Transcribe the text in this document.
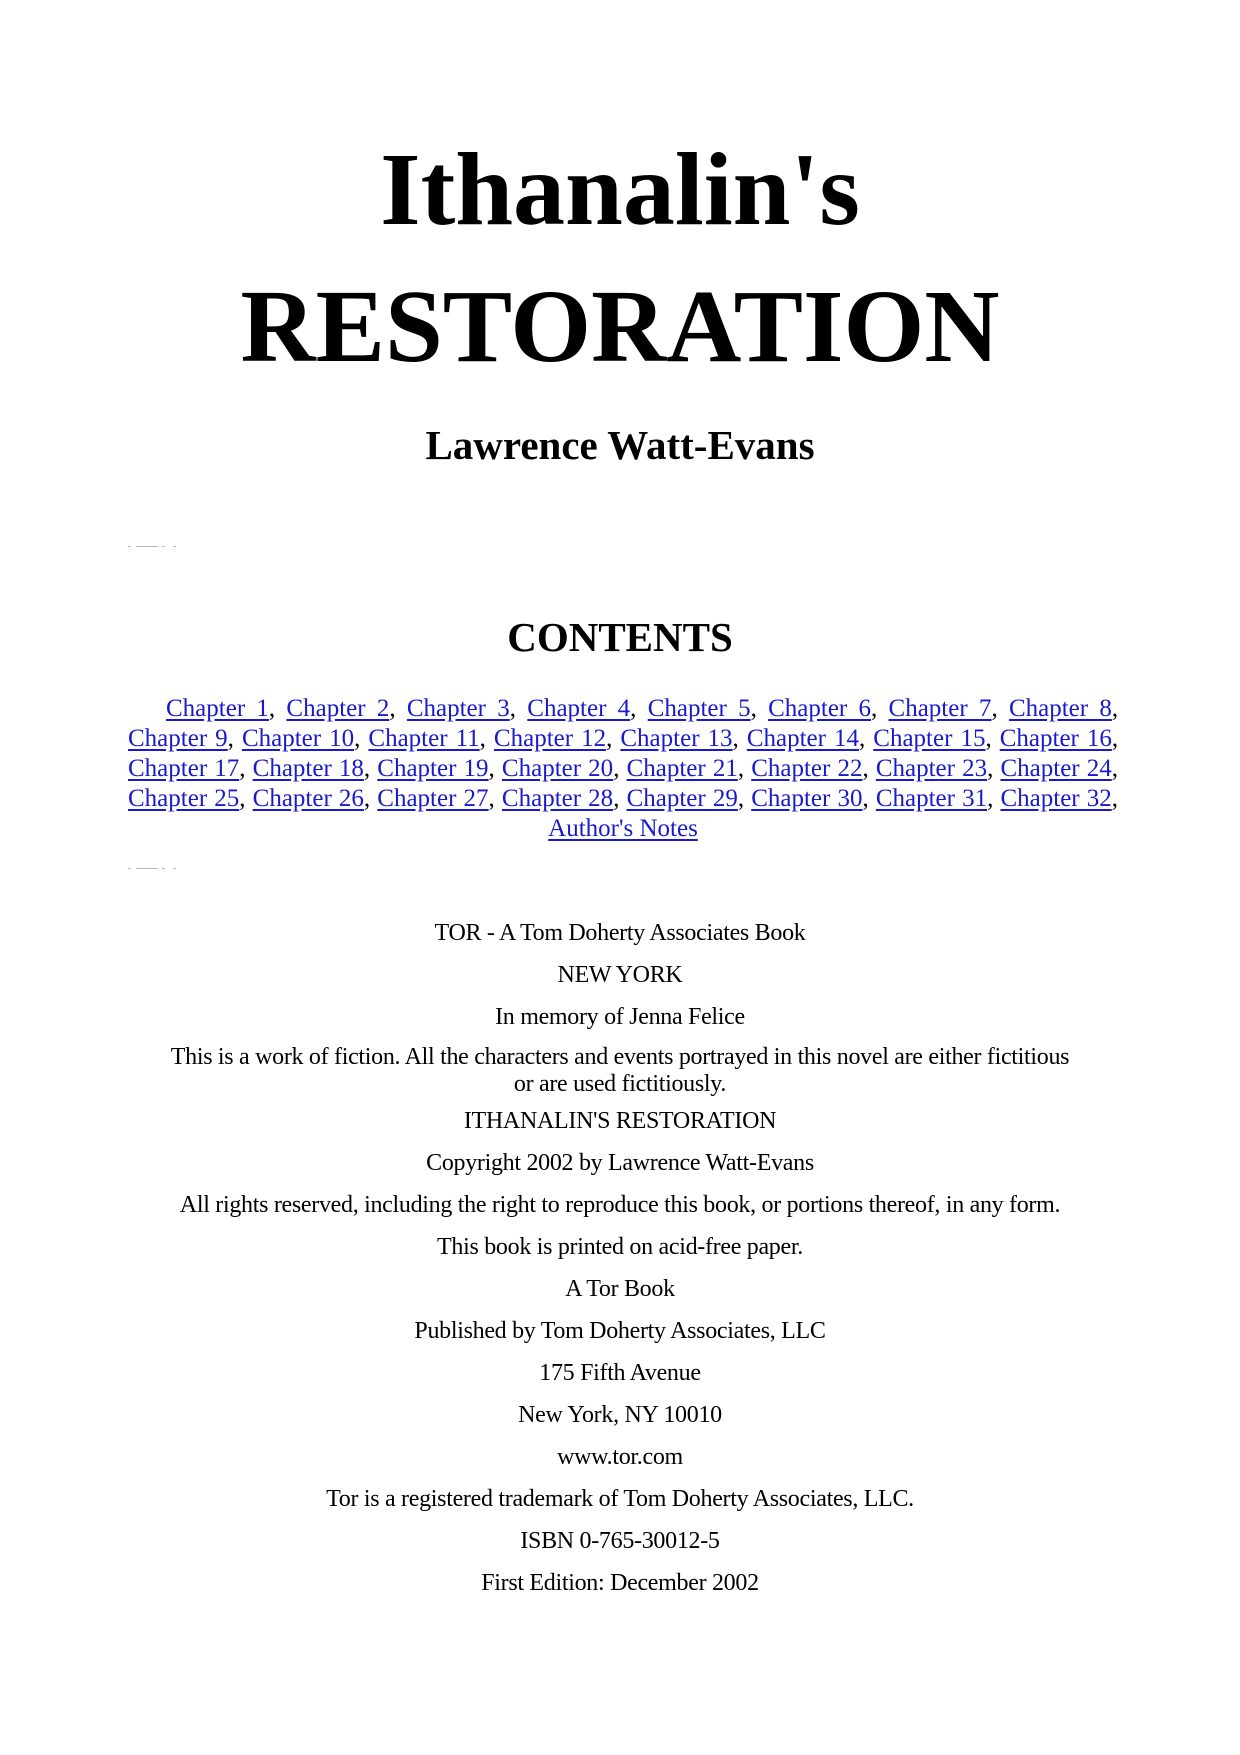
Ithanalin's
RESTORATION
Lawrence Watt-Evans
CONTENTS

Chapter 1, Chapter 2, Chapter 3, Chapter 4, Chapter 5, Chapter 6, Chapter 7, Chapter 8, Chapter 9, Chapter 10, Chapter 11, Chapter 12, Chapter 13, Chapter 14, Chapter 15, Chapter 16, Chapter 17, Chapter 18, Chapter 19, Chapter 20, Chapter 21, Chapter 22, Chapter 23, Chapter 24, Chapter 25, Chapter 26, Chapter 27, Chapter 28, Chapter 29, Chapter 30, Chapter 31, Chapter 32, Author's Notes

TOR - A Tom Doherty Associates Book

NEW YORK

In memory of Jenna Felice

This is a work of fiction. All the characters and events portrayed in this novel are either fictitious or are used fictitiously.

ITHANALIN'S RESTORATION

Copyright 2002 by Lawrence Watt-Evans

All rights reserved, including the right to reproduce this book, or portions thereof, in any form.

This book is printed on acid-free paper.

A Tor Book

Published by Tom Doherty Associates, LLC

175 Fifth Avenue

New York, NY 10010

www.tor.com

Tor is a registered trademark of Tom Doherty Associates, LLC.

ISBN 0-765-30012-5

First Edition: December 2002
